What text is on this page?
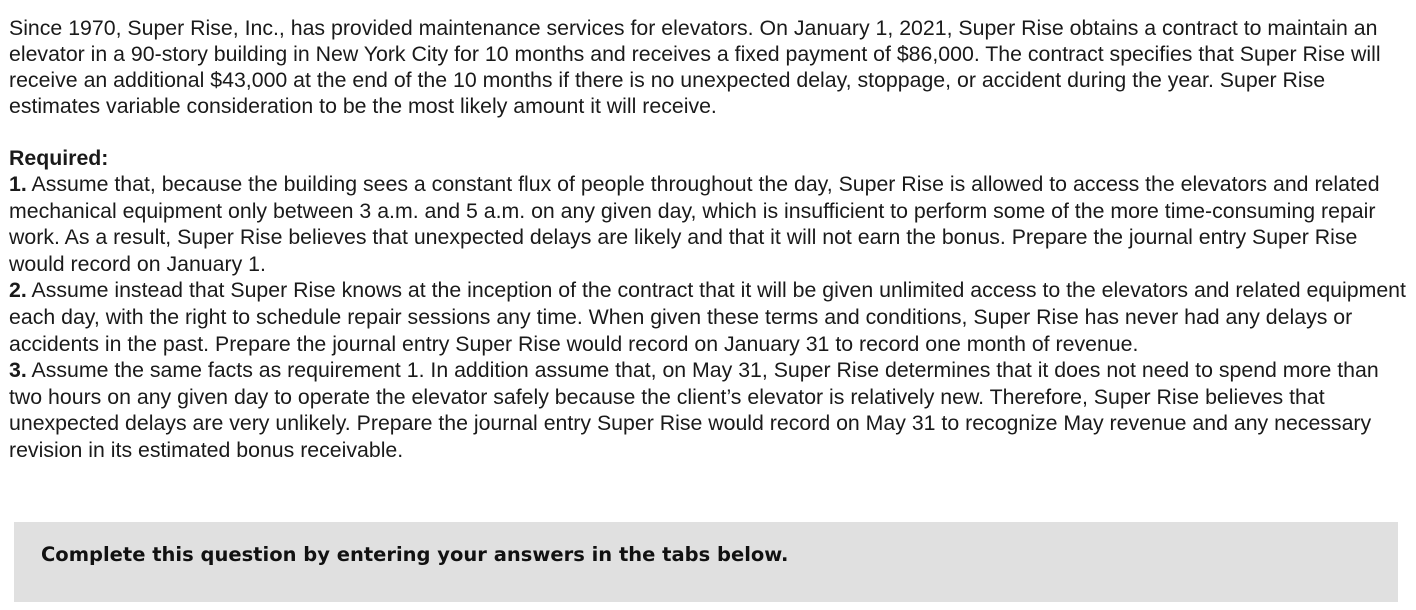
Since 1970, Super Rise, Inc., has provided maintenance services for elevators. On January 1, 2021, Super Rise obtains a contract to maintain an elevator in a 90-story building in New York City for 10 months and receives a fixed payment of $86,000. The contract specifies that Super Rise will receive an additional $43,000 at the end of the 10 months if there is no unexpected delay, stoppage, or accident during the year. Super Rise estimates variable consideration to be the most likely amount it will receive.

Required:

1. Assume that, because the building sees a constant flux of people throughout the day, Super Rise is allowed to access the elevators and related mechanical equipment only between 3 a.m. and 5 a.m. on any given day, which is insufficient to perform some of the more time-consuming repair work. As a result, Super Rise believes that unexpected delays are likely and that it will not earn the bonus. Prepare the journal entry Super Rise would record on January 1.

2. Assume instead that Super Rise knows at the inception of the contract that it will be given unlimited access to the elevators and related equipment each day, with the right to schedule repair sessions any time. When given these terms and conditions, Super Rise has never had any delays or accidents in the past. Prepare the journal entry Super Rise would record on January 31 to record one month of revenue.

3. Assume the same facts as requirement 1. In addition assume that, on May 31, Super Rise determines that it does not need to spend more than two hours on any given day to operate the elevator safely because the client’s elevator is relatively new. Therefore, Super Rise believes that unexpected delays are very unlikely. Prepare the journal entry Super Rise would record on May 31 to recognize May revenue and any necessary revision in its estimated bonus receivable.

Complete this question by entering your answers in the tabs below.
